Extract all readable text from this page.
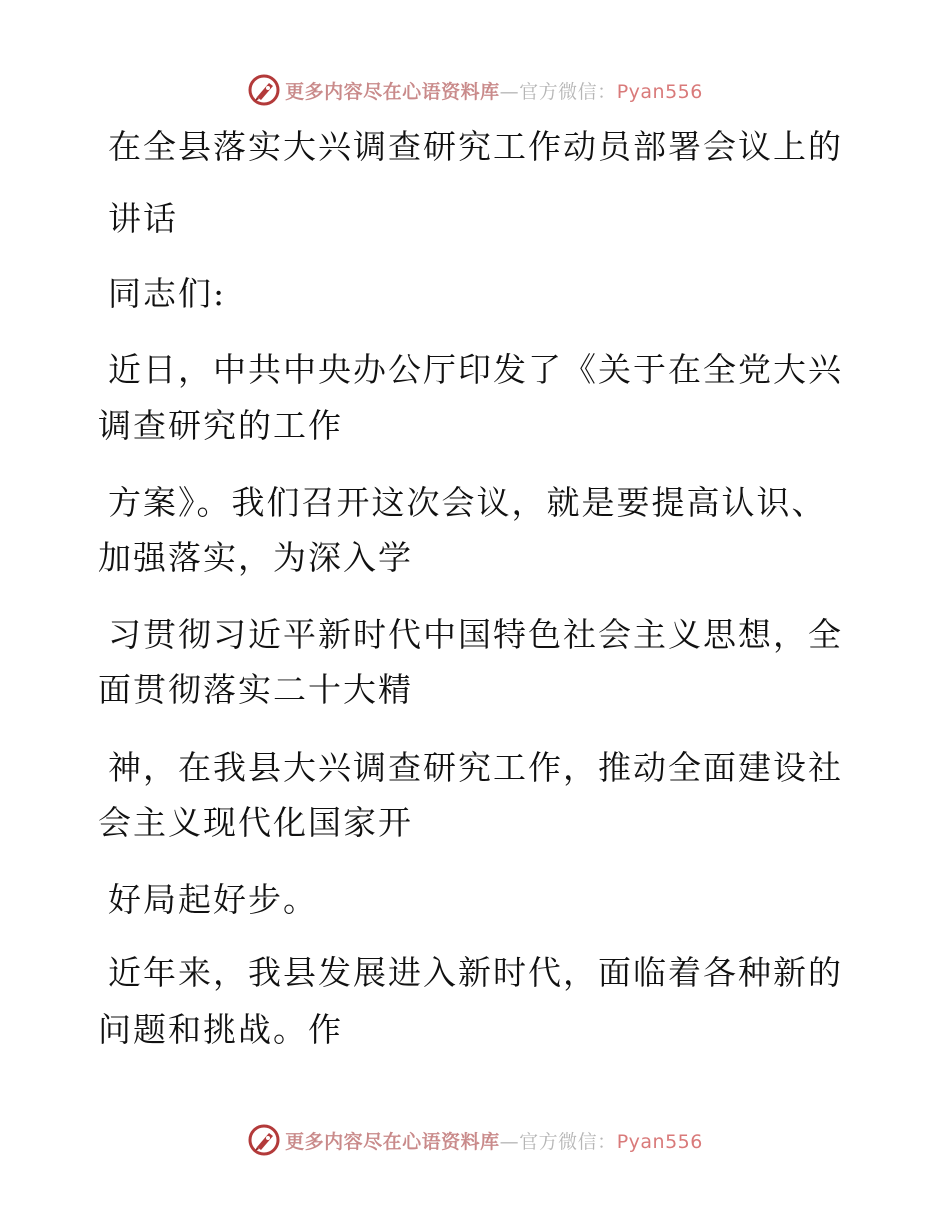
更多内容尽在心语资料库—官方微信：Pyan556
在全县落实大兴调查研究工作动员部署会议上的
讲话
同志们:
近日，中共中央办公厅印发了《关于在全党大兴
调查研究的工作
方案》。我们召开这次会议，就是要提高认识、
加强落实，为深入学
习贯彻习近平新时代中国特色社会主义思想，全
面贯彻落实二十大精
神，在我县大兴调查研究工作，推动全面建设社
会主义现代化国家开
好局起好步。
近年来，我县发展进入新时代，面临着各种新的
问题和挑战。作
更多内容尽在心语资料库—官方微信：Pyan556
